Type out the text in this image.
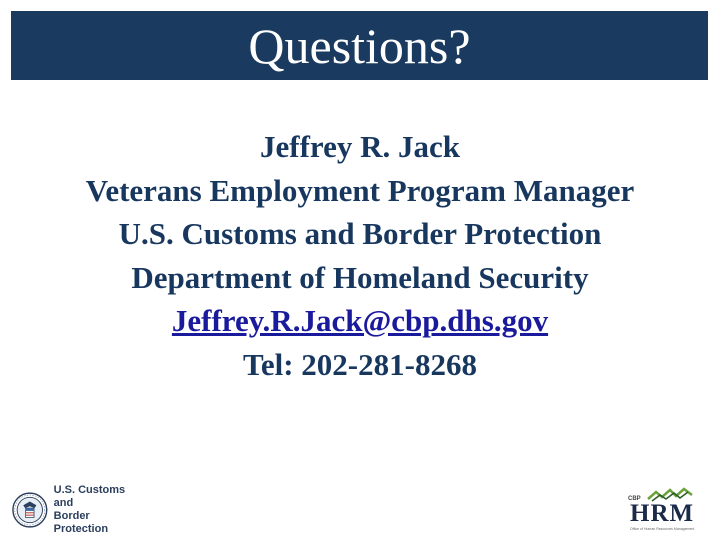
Questions?
Jeffrey R. Jack
Veterans Employment Program Manager
U.S. Customs and Border Protection
Department of Homeland Security
Jeffrey.R.Jack@cbp.dhs.gov
Tel: 202-281-8268
U.S. Customs and
Border Protection
CBP
HRM
Office of Human Resources Management
